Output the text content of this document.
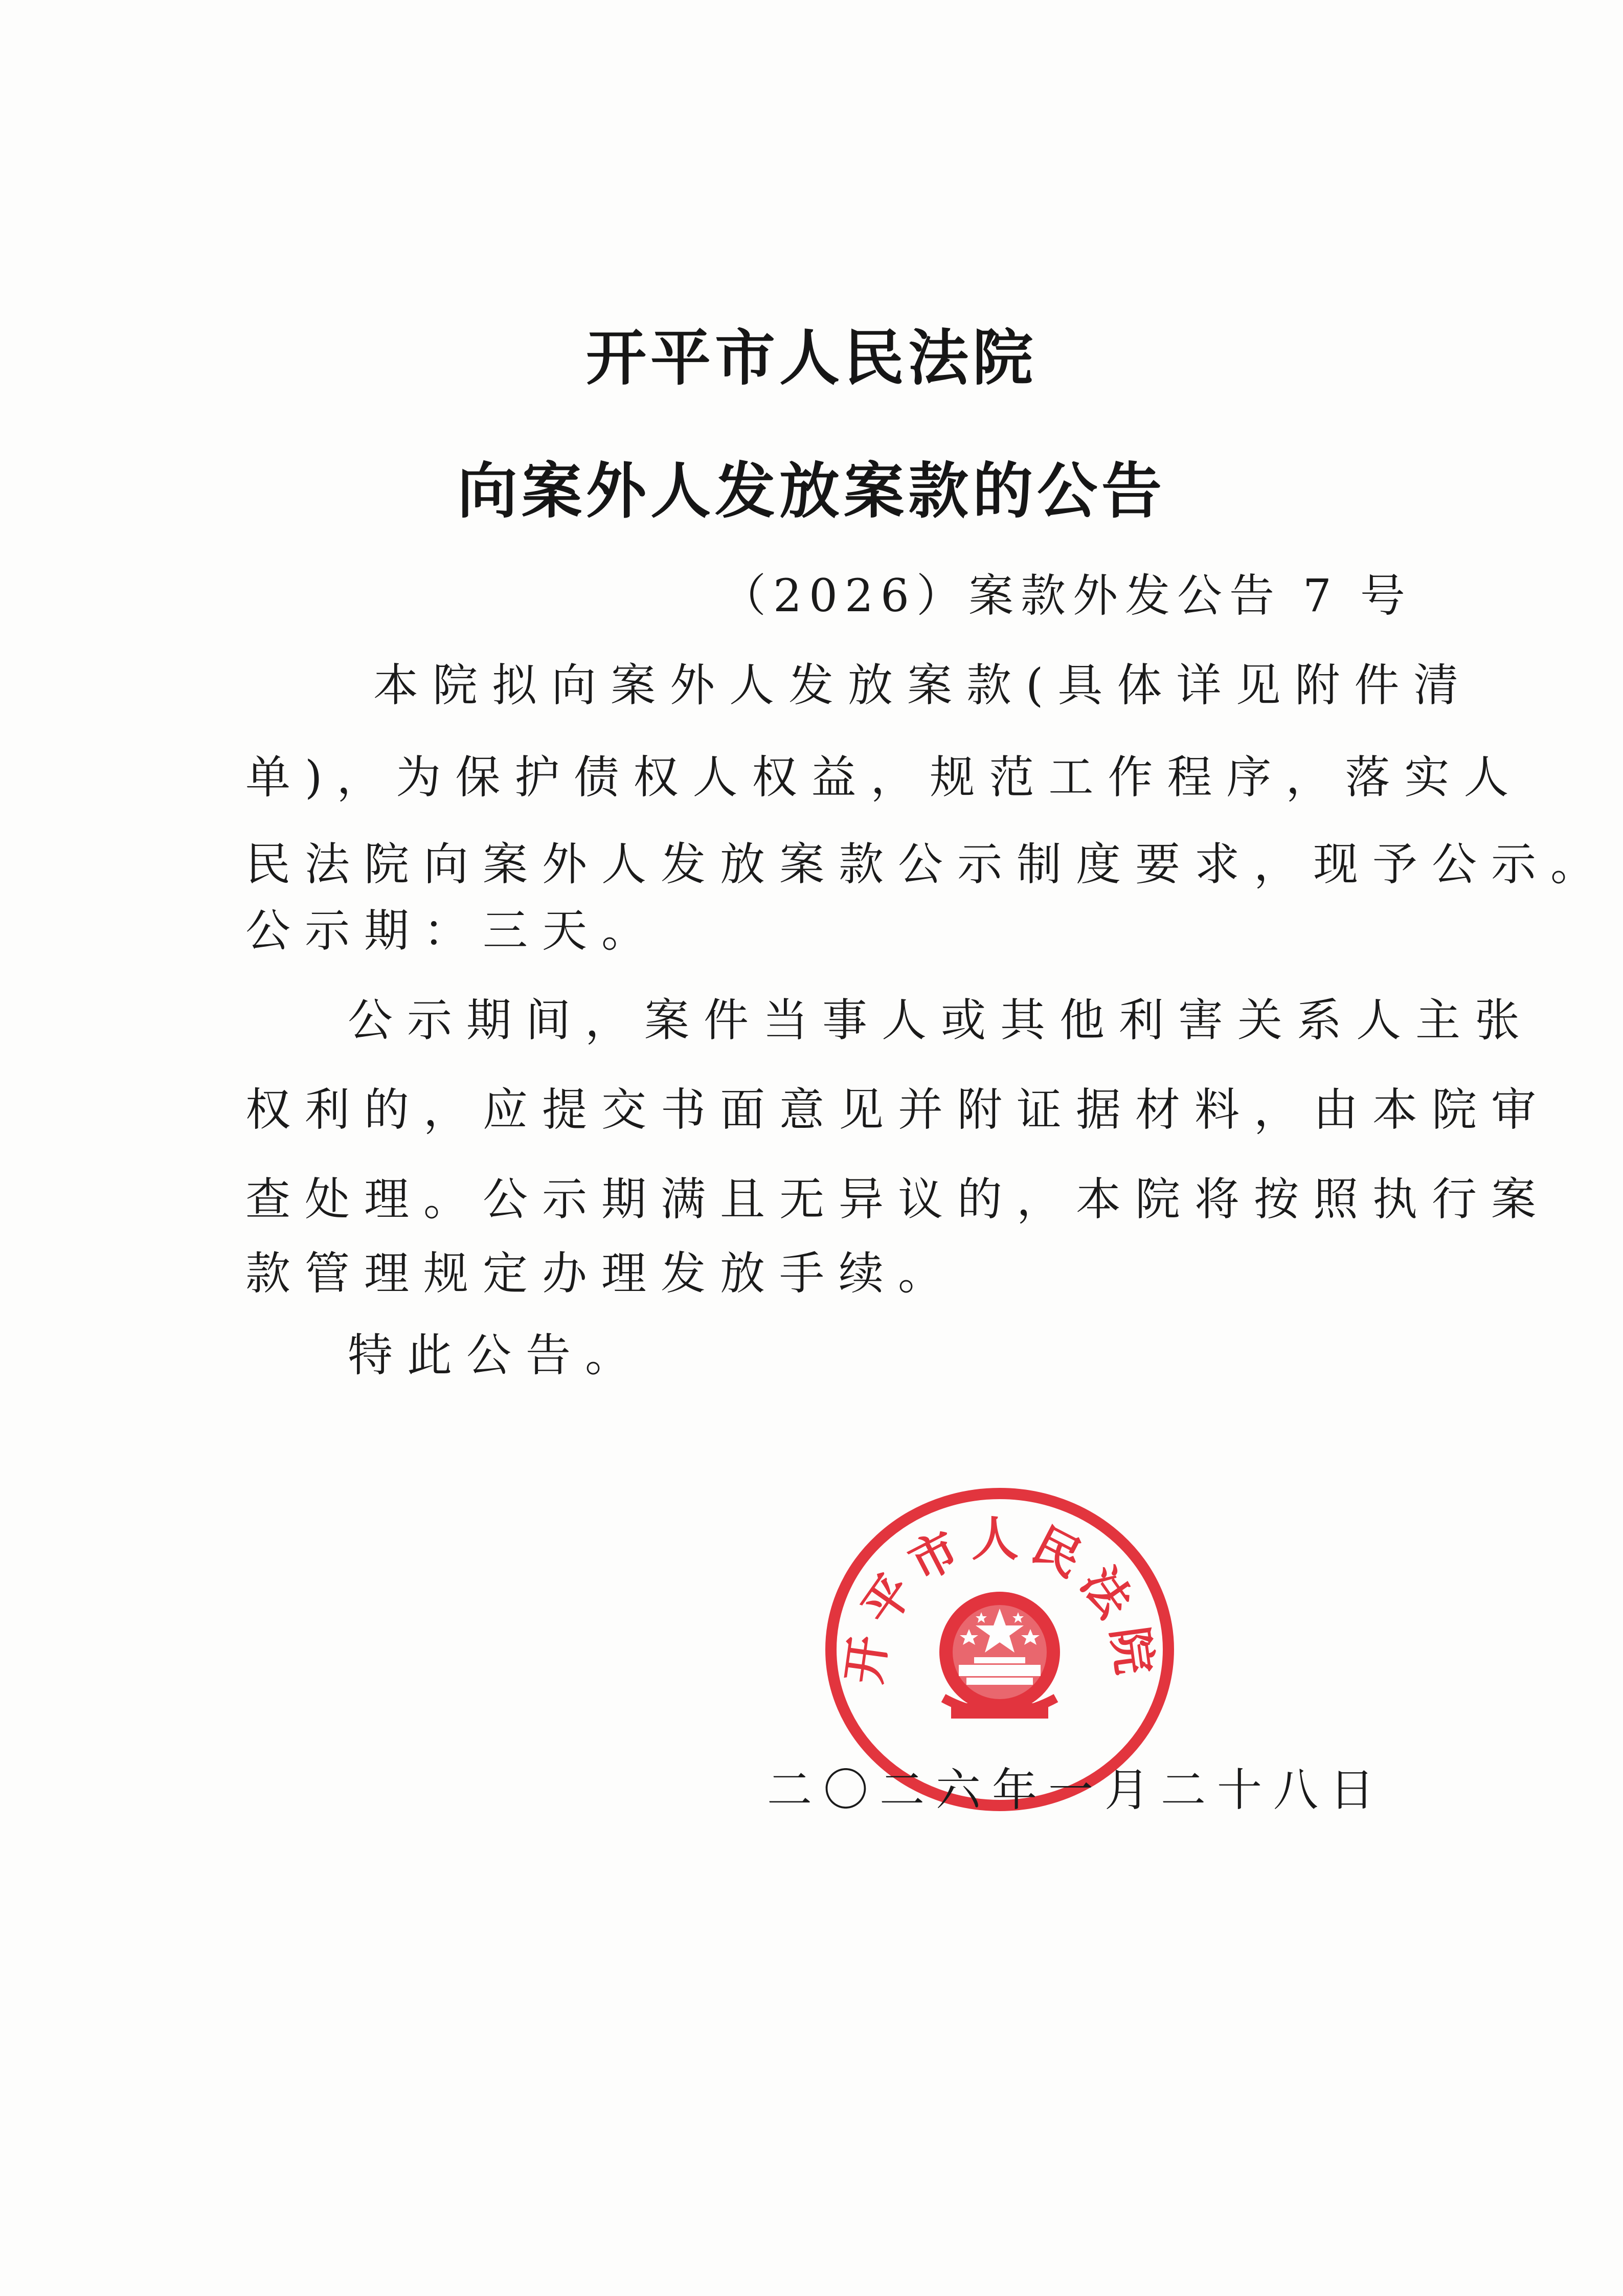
开平市人民法院
向案外人发放案款的公告
（2026）案款外发公告 7 号
本院拟向案外人发放案款(具体详见附件清
单)，为保护债权人权益，规范工作程序，落实人
民法院向案外人发放案款公示制度要求，现予公示。
公示期：三天。
公示期间，案件当事人或其他利害关系人主张
权利的，应提交书面意见并附证据材料，由本院审
查处理。公示期满且无异议的，本院将按照执行案
款管理规定办理发放手续。
特此公告。
开平市人民法院
二〇二六年一月二十八日
